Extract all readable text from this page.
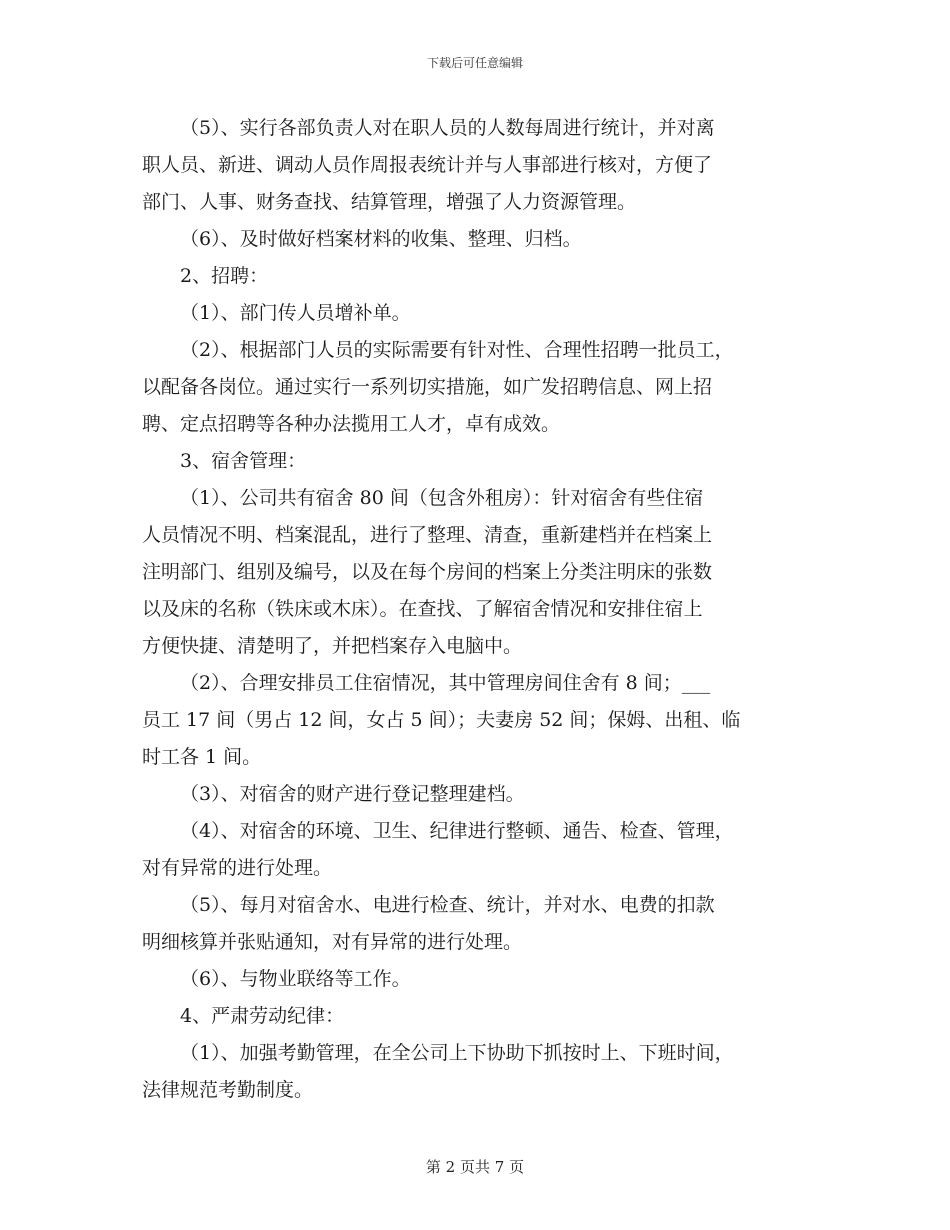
下载后可任意编辑
（5）、实行各部负责人对在职人员的人数每周进行统计，并对离
职人员、新进、调动人员作周报表统计并与人事部进行核对，方便了
部门、人事、财务查找、结算管理，增强了人力资源管理。
（6）、及时做好档案材料的收集、整理、归档。
2、招聘：
（1）、部门传人员增补单。
（2）、根据部门人员的实际需要有针对性、合理性招聘一批员工，
以配备各岗位。通过实行一系列切实措施，如广发招聘信息、网上招
聘、定点招聘等各种办法揽用工人才，卓有成效。
3、宿舍管理：
（1）、公司共有宿舍 80 间（包含外租房）：针对宿舍有些住宿
人员情况不明、档案混乱，进行了整理、清查，重新建档并在档案上
注明部门、组别及编号，以及在每个房间的档案上分类注明床的张数
以及床的名称（铁床或木床）。在查找、了解宿舍情况和安排住宿上
方便快捷、清楚明了，并把档案存入电脑中。
（2）、合理安排员工住宿情况，其中管理房间住舍有 8 间；___
员工 17 间（男占 12 间，女占 5 间）；夫妻房 52 间；保姆、出租、临
时工各 1 间。
（3）、对宿舍的财产进行登记整理建档。
（4）、对宿舍的环境、卫生、纪律进行整顿、通告、检查、管理，
对有异常的进行处理。
（5）、每月对宿舍水、电进行检查、统计，并对水、电费的扣款
明细核算并张贴通知，对有异常的进行处理。
（6）、与物业联络等工作。
4、严肃劳动纪律：
（1）、加强考勤管理，在全公司上下协助下抓按时上、下班时间，
法律规范考勤制度。
第 2 页共 7 页
